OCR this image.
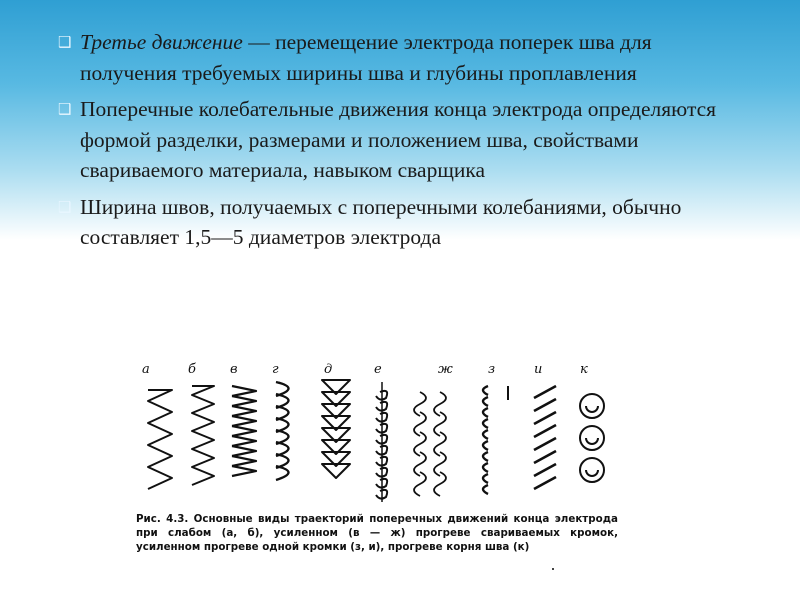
❑ Третье движение — перемещение электрода поперек шва для получения требуемых ширины шва и глубины проплавления
❑ Поперечные колебательные движения конца электрода определяются формой разделки, размерами и положением шва, свойствами свариваемого материала, навыком сварщика
❑ Ширина швов, получаемых с поперечными колебаниями, обычно составляет 1,5—5 диаметров электрода
а	б	в	г	д	е	ж	з	и	к
Рис. 4.3. Основные виды траекторий поперечных движений конца электрода при слабом (а, б), усиленном (в — ж) прогреве свариваемых кромок, усиленном прогреве одной кромки (з, и), прогреве корня шва (к)
